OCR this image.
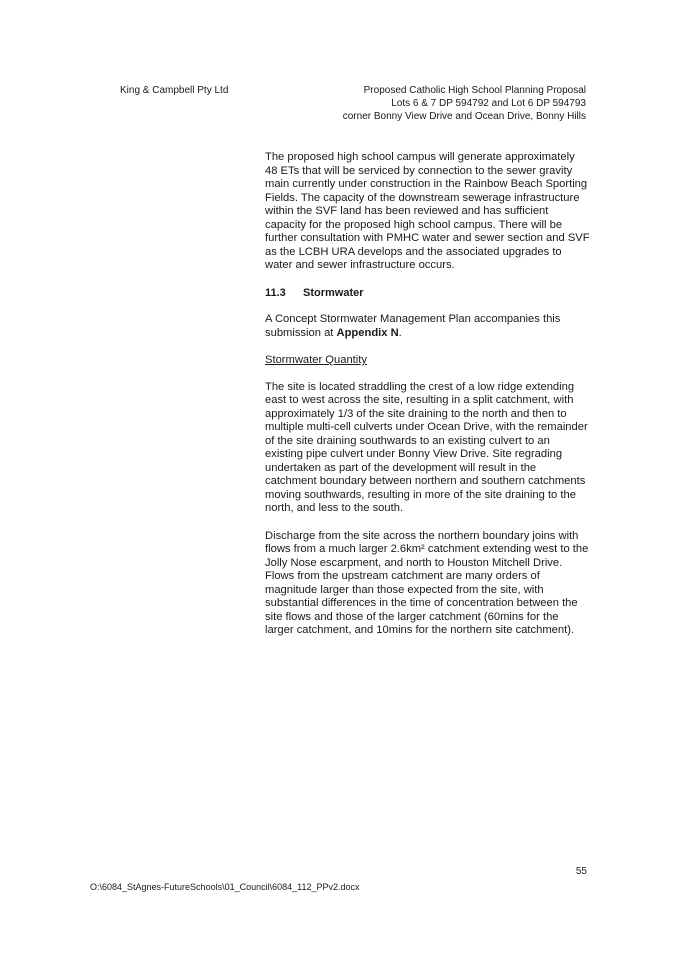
King & Campbell Pty Ltd	Proposed Catholic High School Planning Proposal
Lots 6 & 7 DP 594792 and Lot 6 DP 594793
corner Bonny View Drive and Ocean Drive, Bonny Hills

The proposed high school campus will generate approximately 48 ETs that will be serviced by connection to the sewer gravity main currently under construction in the Rainbow Beach Sporting Fields. The capacity of the downstream sewerage infrastructure within the SVF land has been reviewed and has sufficient capacity for the proposed high school campus. There will be further consultation with PMHC water and sewer section and SVF as the LCBH URA develops and the associated upgrades to water and sewer infrastructure occurs.

11.3 Stormwater

A Concept Stormwater Management Plan accompanies this submission at Appendix N.

Stormwater Quantity

The site is located straddling the crest of a low ridge extending east to west across the site, resulting in a split catchment, with approximately 1/3 of the site draining to the north and then to multiple multi-cell culverts under Ocean Drive, with the remainder of the site draining southwards to an existing culvert to an existing pipe culvert under Bonny View Drive. Site regrading undertaken as part of the development will result in the catchment boundary between northern and southern catchments moving southwards, resulting in more of the site draining to the north, and less to the south.

Discharge from the site across the northern boundary joins with flows from a much larger 2.6km² catchment extending west to the Jolly Nose escarpment, and north to Houston Mitchell Drive. Flows from the upstream catchment are many orders of magnitude larger than those expected from the site, with substantial differences in the time of concentration between the site flows and those of the larger catchment (60mins for the larger catchment, and 10mins for the northern site catchment).

55
O:\6084_StAgnes-FutureSchools\01_Council\6084_112_PPv2.docx
